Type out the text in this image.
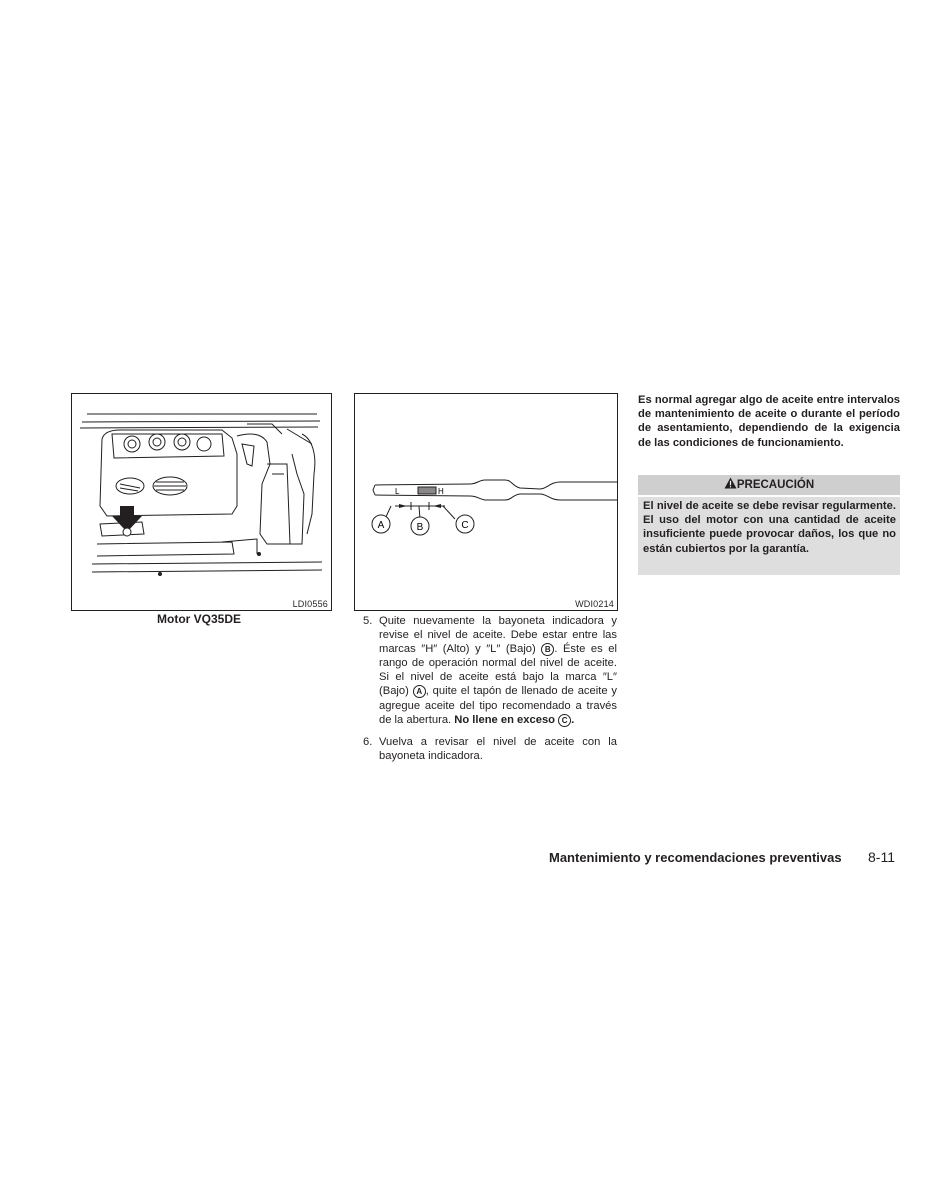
LDI0556
Motor VQ35DE
L	H
A	B	C
WDI0214
5. Quite nuevamente la bayoneta indicadora y revise el nivel de aceite. Debe estar entre las marcas ″H″ (Alto) y ″L″ (Bajo) B . Éste es el rango de operación normal del nivel de aceite. Si el nivel de aceite está bajo la marca ″L″ (Bajo) A , quite el tapón de llenado de aceite y agregue aceite del tipo recomendado a través de la abertura. No llene en exceso C .
6. Vuelva a revisar el nivel de aceite con la bayoneta indicadora.
Es normal agregar algo de aceite entre intervalos de mantenimiento de aceite o durante el período de asentamiento, dependiendo de la exigencia de las condiciones de funcionamiento.
PRECAUCIÓN
El nivel de aceite se debe revisar regularmente. El uso del motor con una cantidad de aceite insuficiente puede provocar daños, los que no están cubiertos por la garantía.
Mantenimiento y recomendaciones preventivas 8-11
